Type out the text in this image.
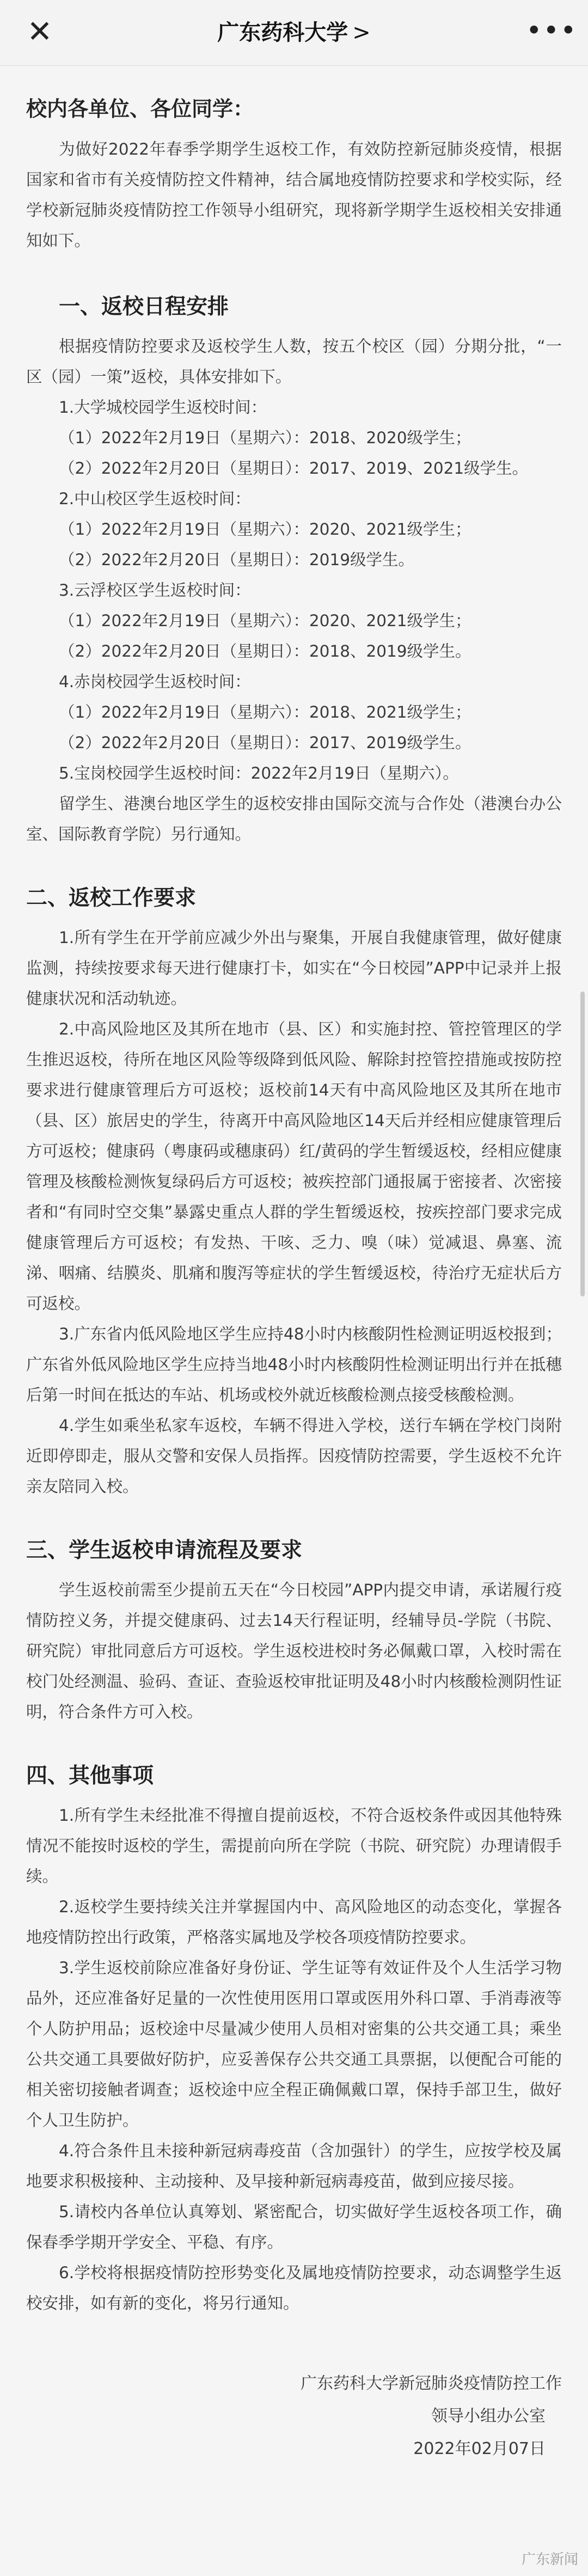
✕	广东药科大学 >	•••
校内各单位、各位同学：

为做好2022年春季学期学生返校工作，有效防控新冠肺炎疫情，根据国家和省市有关疫情防控文件精神，结合属地疫情防控要求和学校实际，经学校新冠肺炎疫情防控工作领导小组研究，现将新学期学生返校相关安排通知如下。

一、返校日程安排

根据疫情防控要求及返校学生人数，按五个校区（园）分期分批，“一区（园）一策”返校，具体安排如下。

1.大学城校园学生返校时间：

（1）2022年2月19日（星期六）：2018、2020级学生；

（2）2022年2月20日（星期日）：2017、2019、2021级学生。

2.中山校区学生返校时间：

（1）2022年2月19日（星期六）：2020、2021级学生；

（2）2022年2月20日（星期日）：2019级学生。

3.云浮校区学生返校时间：

（1）2022年2月19日（星期六）：2020、2021级学生；

（2）2022年2月20日（星期日）：2018、2019级学生。

4.赤岗校园学生返校时间：

（1）2022年2月19日（星期六）：2018、2021级学生；

（2）2022年2月20日（星期日）：2017、2019级学生。

5.宝岗校园学生返校时间：2022年2月19日（星期六）。

留学生、港澳台地区学生的返校安排由国际交流与合作处（港澳台办公室、国际教育学院）另行通知。

二、返校工作要求

1.所有学生在开学前应减少外出与聚集，开展自我健康管理，做好健康监测，持续按要求每天进行健康打卡，如实在“今日校园”APP中记录并上报健康状况和活动轨迹。

2.中高风险地区及其所在地市（县、区）和实施封控、管控管理区的学生推迟返校，待所在地区风险等级降到低风险、解除封控管控措施或按防控要求进行健康管理后方可返校；返校前14天有中高风险地区及其所在地市（县、区）旅居史的学生，待离开中高风险地区14天后并经相应健康管理后方可返校；健康码（粤康码或穗康码）红/黄码的学生暂缓返校，经相应健康管理及核酸检测恢复绿码后方可返校；被疾控部门通报属于密接者、次密接者和“有同时空交集”暴露史重点人群的学生暂缓返校，按疾控部门要求完成健康管理后方可返校；有发热、干咳、乏力、嗅（味）觉减退、鼻塞、流涕、咽痛、结膜炎、肌痛和腹泻等症状的学生暂缓返校，待治疗无症状后方可返校。

3.广东省内低风险地区学生应持48小时内核酸阴性检测证明返校报到；广东省外低风险地区学生应持当地48小时内核酸阴性检测证明出行并在抵穗后第一时间在抵达的车站、机场或校外就近核酸检测点接受核酸检测。

4.学生如乘坐私家车返校，车辆不得进入学校，送行车辆在学校门岗附近即停即走，服从交警和安保人员指挥。因疫情防控需要，学生返校不允许亲友陪同入校。

三、学生返校申请流程及要求

学生返校前需至少提前五天在“今日校园”APP内提交申请，承诺履行疫情防控义务，并提交健康码、过去14天行程证明，经辅导员-学院（书院、研究院）审批同意后方可返校。学生返校进校时务必佩戴口罩，入校时需在校门处经测温、验码、查证、查验返校审批证明及48小时内核酸检测阴性证明，符合条件方可入校。

四、其他事项

1.所有学生未经批准不得擅自提前返校，不符合返校条件或因其他特殊情况不能按时返校的学生，需提前向所在学院（书院、研究院）办理请假手续。

2.返校学生要持续关注并掌握国内中、高风险地区的动态变化，掌握各地疫情防控出行政策，严格落实属地及学校各项疫情防控要求。

3.学生返校前除应准备好身份证、学生证等有效证件及个人生活学习物品外，还应准备好足量的一次性使用医用口罩或医用外科口罩、手消毒液等个人防护用品；返校途中尽量减少使用人员相对密集的公共交通工具；乘坐公共交通工具要做好防护，应妥善保存公共交通工具票据，以便配合可能的相关密切接触者调查；返校途中应全程正确佩戴口罩，保持手部卫生，做好个人卫生防护。

4.符合条件且未接种新冠病毒疫苗（含加强针）的学生，应按学校及属地要求积极接种、主动接种、及早接种新冠病毒疫苗，做到应接尽接。

5.请校内各单位认真筹划、紧密配合，切实做好学生返校各项工作，确保春季学期开学安全、平稳、有序。

6.学校将根据疫情防控形势变化及属地疫情防控要求，动态调整学生返校安排，如有新的变化，将另行通知。

广东药科大学新冠肺炎疫情防控工作
领导小组办公室
2022年02月07日
广东新闻
